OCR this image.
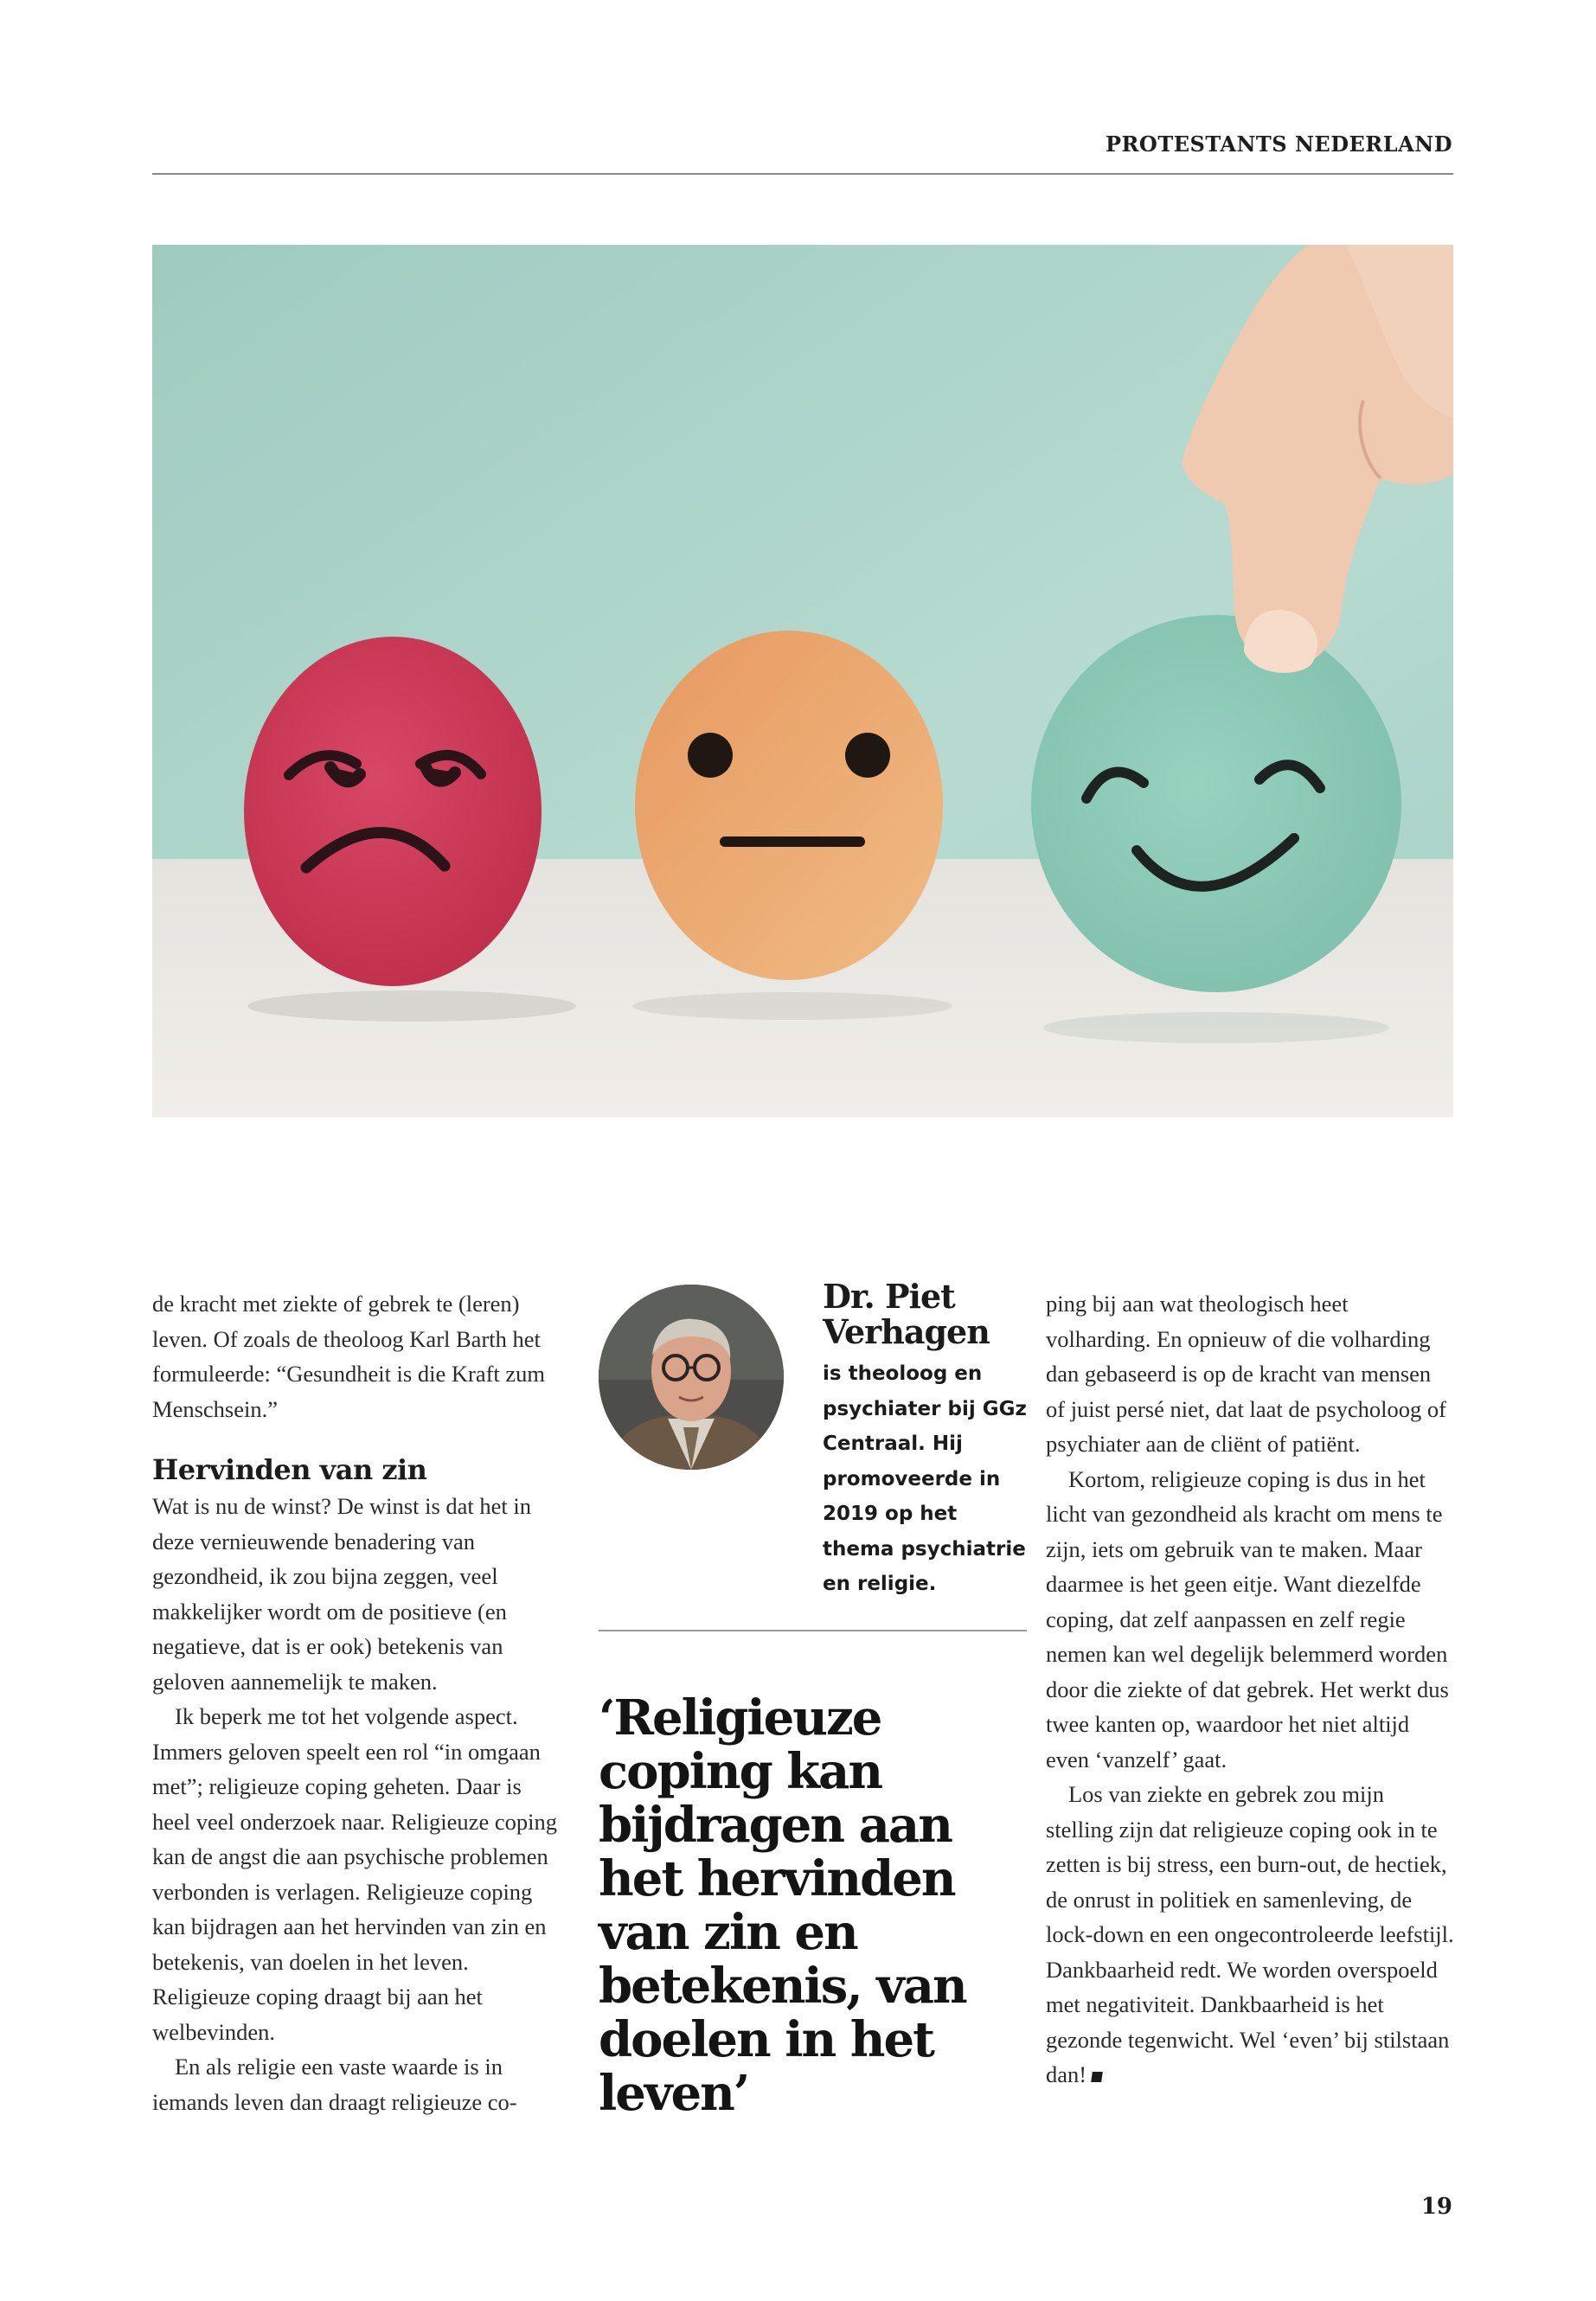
PROTESTANTS NEDERLAND

de kracht met ziekte of gebrek te (leren) leven. Of zoals de theoloog Karl Barth het formuleerde: “Gesundheit is die Kraft zum Menschsein.”

Hervinden van zin

Wat is nu de winst? De winst is dat het in deze vernieuwende benadering van gezondheid, ik zou bijna zeggen, veel makkelijker wordt om de positieve (en negatieve, dat is er ook) betekenis van geloven aannemelijk te maken.

Ik beperk me tot het volgende aspect. Immers geloven speelt een rol “in omgaan met”; religieuze coping geheten. Daar is heel veel onderzoek naar. Religieuze coping kan de angst die aan psychische problemen verbonden is verlagen. Religieuze coping kan bijdragen aan het hervinden van zin en betekenis, van doelen in het leven. Religieuze coping draagt bij aan het welbevinden.

En als religie een vaste waarde is in iemands leven dan draagt religieuze co-

Dr. Piet Verhagen
is theoloog en psychiater bij GGz Centraal. Hij promoveerde in 2019 op het thema psychiatrie en religie.
‘Religieuze coping kan bijdragen aan het hervinden van zin en betekenis, van doelen in het leven’

ping bij aan wat theologisch heet volharding. En opnieuw of die volharding dan gebaseerd is op de kracht van mensen of juist persé niet, dat laat de psycholoog of psychiater aan de cliënt of patiënt.

Kortom, religieuze coping is dus in het licht van gezondheid als kracht om mens te zijn, iets om gebruik van te maken. Maar daarmee is het geen eitje. Want diezelfde coping, dat zelf aanpassen en zelf regie nemen kan wel degelijk belemmerd worden door die ziekte of dat gebrek. Het werkt dus twee kanten op, waardoor het niet altijd even ‘vanzelf’ gaat.

Los van ziekte en gebrek zou mijn stelling zijn dat religieuze coping ook in te zetten is bij stress, een burn-out, de hectiek, de onrust in politiek en samenleving, de lock-down en een ongecontroleerde leefstijl. Dankbaarheid redt. We worden overspoeld met negativiteit. Dankbaarheid is het gezonde tegenwicht. Wel ‘even’ bij stilstaan dan!

19
